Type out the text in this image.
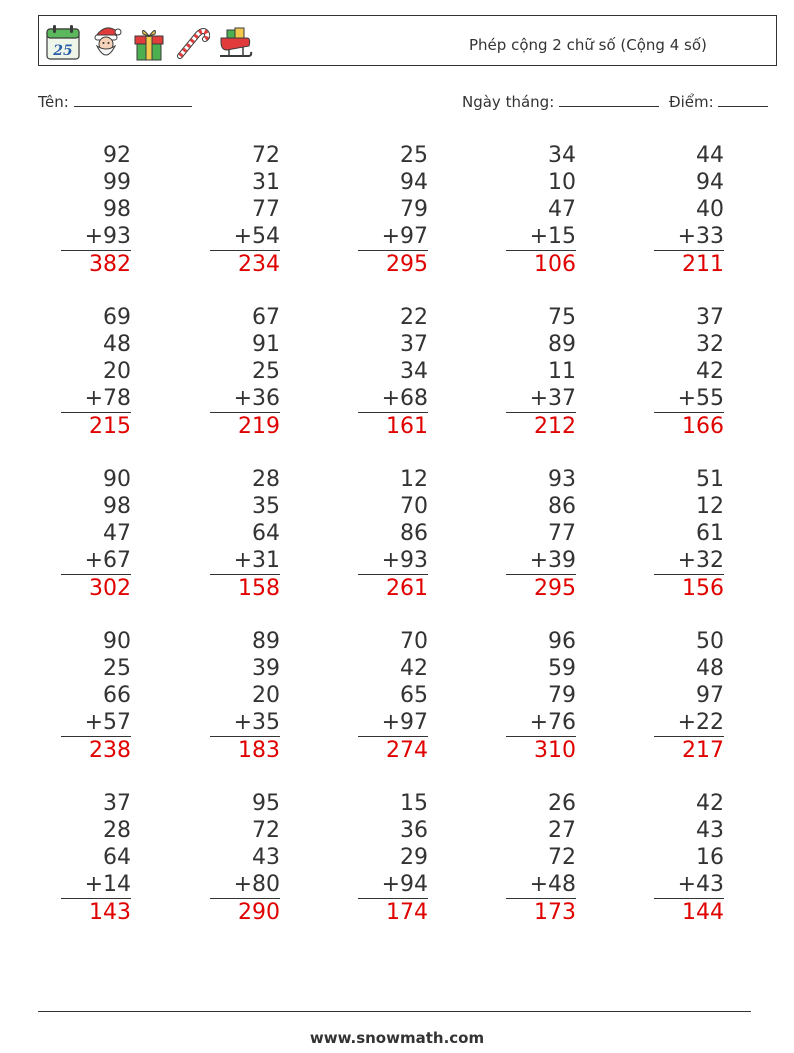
25	Phép cộng 2 chữ số (Cộng 4 số)
Tên:	Ngày tháng:	Điểm:
92
99
98
+93
382
72
31
77
+54
234
25
94
79
+97
295
34
10
47
+15
106
44
94
40
+33
211
69
48
20
+78
215
67
91
25
+36
219
22
37
34
+68
161
75
89
11
+37
212
37
32
42
+55
166
90
98
47
+67
302
28
35
64
+31
158
12
70
86
+93
261
93
86
77
+39
295
51
12
61
+32
156
90
25
66
+57
238
89
39
20
+35
183
70
42
65
+97
274
96
59
79
+76
310
50
48
97
+22
217
37
28
64
+14
143
95
72
43
+80
290
15
36
29
+94
174
26
27
72
+48
173
42
43
16
+43
144
www.snowmath.com
